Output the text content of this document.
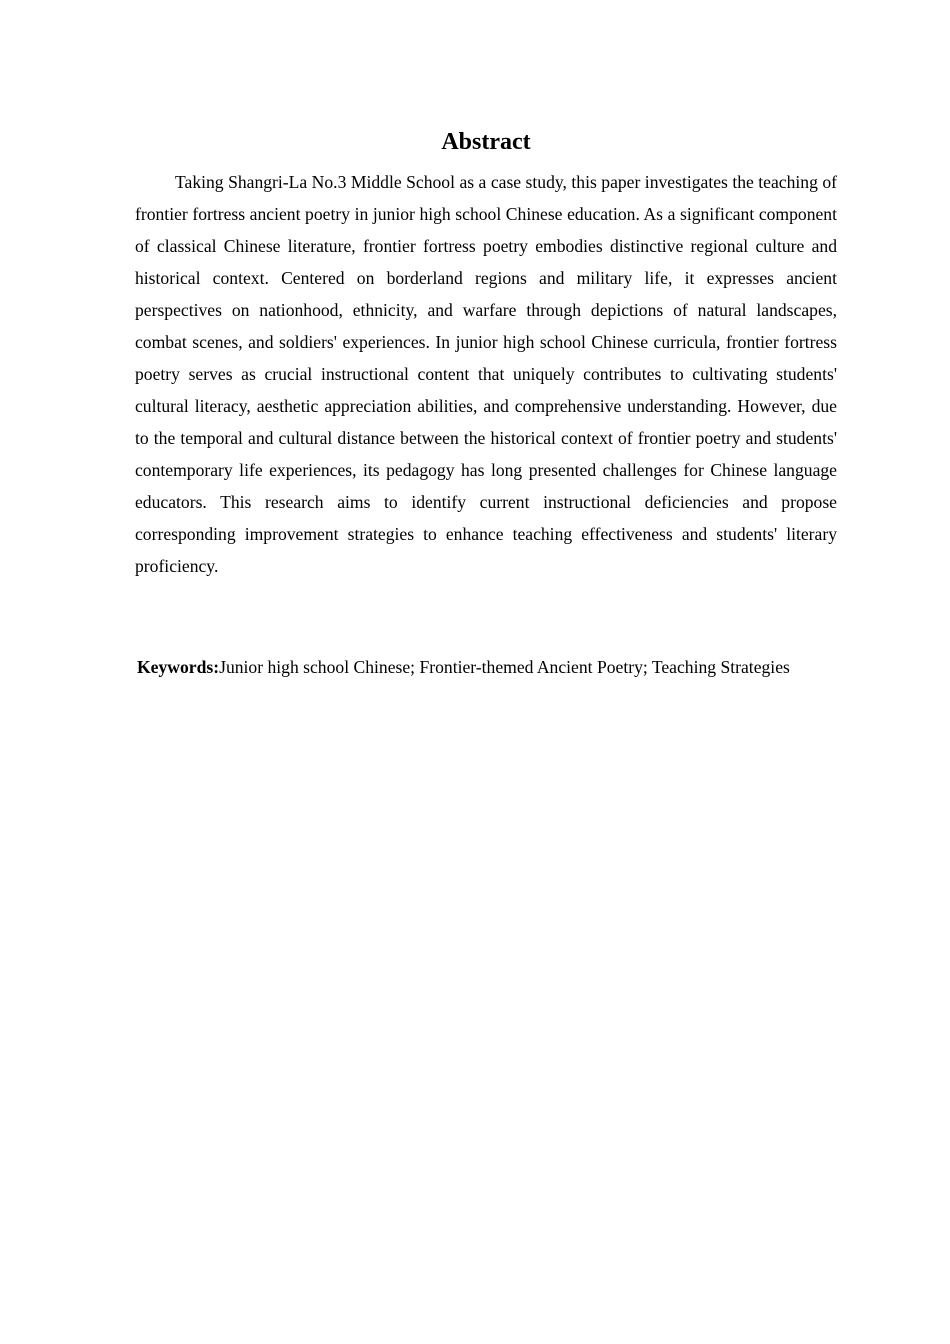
Abstract

Taking Shangri-La No.3 Middle School as a case study, this paper investigates the teaching of frontier fortress ancient poetry in junior high school Chinese education. As a significant component of classical Chinese literature, frontier fortress poetry embodies distinctive regional culture and historical context. Centered on borderland regions and military life, it expresses ancient perspectives on nationhood, ethnicity, and warfare through depictions of natural landscapes, combat scenes, and soldiers' experiences. In junior high school Chinese curricula, frontier fortress poetry serves as crucial instructional content that uniquely contributes to cultivating students' cultural literacy, aesthetic appreciation abilities, and comprehensive understanding. However, due to the temporal and cultural distance between the historical context of frontier poetry and students' contemporary life experiences, its pedagogy has long presented challenges for Chinese language educators. This research aims to identify current instructional deficiencies and propose corresponding improvement strategies to enhance teaching effectiveness and students' literary proficiency.

Keywords:Junior high school Chinese; Frontier-themed Ancient Poetry; Teaching Strategies
